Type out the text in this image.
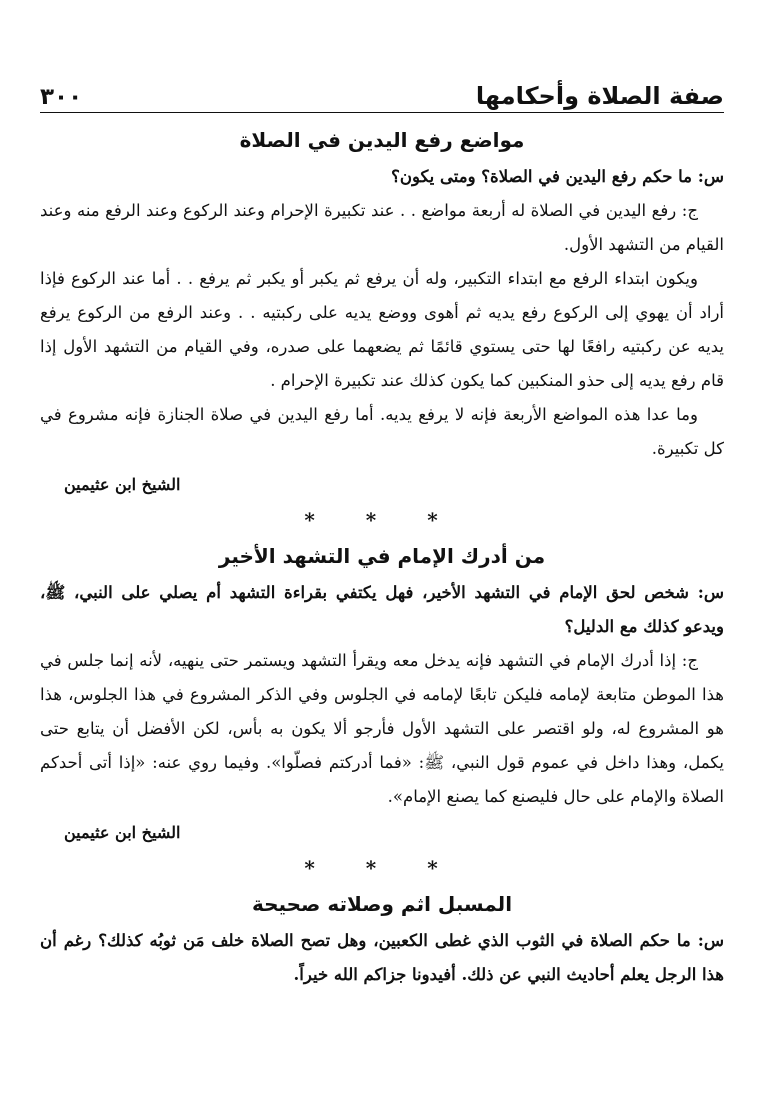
صفة الصلاة وأحكامها
٣٠٠
مواضع رفع اليدين في الصلاة

س: ما حكم رفع اليدين في الصلاة؟ ومتى يكون؟

ج: رفع اليدين في الصلاة له أربعة مواضع . . عند تكبيرة الإحرام وعند الركوع وعند الرفع منه وعند القيام من التشهد الأول.

ويكون ابتداء الرفع مع ابتداء التكبير، وله أن يرفع ثم يكبر أو يكبر ثم يرفع . . أما عند الركوع فإذا أراد أن يهوي إلى الركوع رفع يديه ثم أهوى ووضع يديه على ركبتيه . . وعند الرفع من الركوع يرفع يديه عن ركبتيه رافعًا لها حتى يستوي قائمًا ثم يضعهما على صدره، وفي القيام من التشهد الأول إذا قام رفع يديه إلى حذو المنكبين كما يكون كذلك عند تكبيرة الإحرام .

وما عدا هذه المواضع الأربعة فإنه لا يرفع يديه. أما رفع اليدين في صلاة الجنازة فإنه مشروع في كل تكبيرة.

الشيخ ابن عثيمين

* * *

من أدرك الإمام في التشهد الأخير

س: شخص لحق الإمام في التشهد الأخير، فهل يكتفي بقراءة التشهد أم يصلي على النبي، ﷺ، ويدعو كذلك مع الدليل؟

ج: إذا أدرك الإمام في التشهد فإنه يدخل معه ويقرأ التشهد ويستمر حتى ينهيه، لأنه إنما جلس في هذا الموطن متابعة لإمامه فليكن تابعًا لإمامه في الجلوس وفي الذكر المشروع في هذا الجلوس، هذا هو المشروع له، ولو اقتصر على التشهد الأول فأرجو ألا يكون به بأس، لكن الأفضل أن يتابع حتى يكمل، وهذا داخل في عموم قول النبي، ﷺ: «فما أدركتم فصلّوا». وفيما روي عنه: «إذا أتى أحدكم الصلاة والإمام على حال فليصنع كما يصنع الإمام».

الشيخ ابن عثيمين

* * *

المسبل اثم وصلاته صحيحة

س: ما حكم الصلاة في الثوب الذي غطى الكعبين، وهل تصح الصلاة خلف مَن ثوبُه كذلك؟ رغم أن هذا الرجل يعلم أحاديث النبي عن ذلك. أفيدونا جزاكم الله خيراً.
